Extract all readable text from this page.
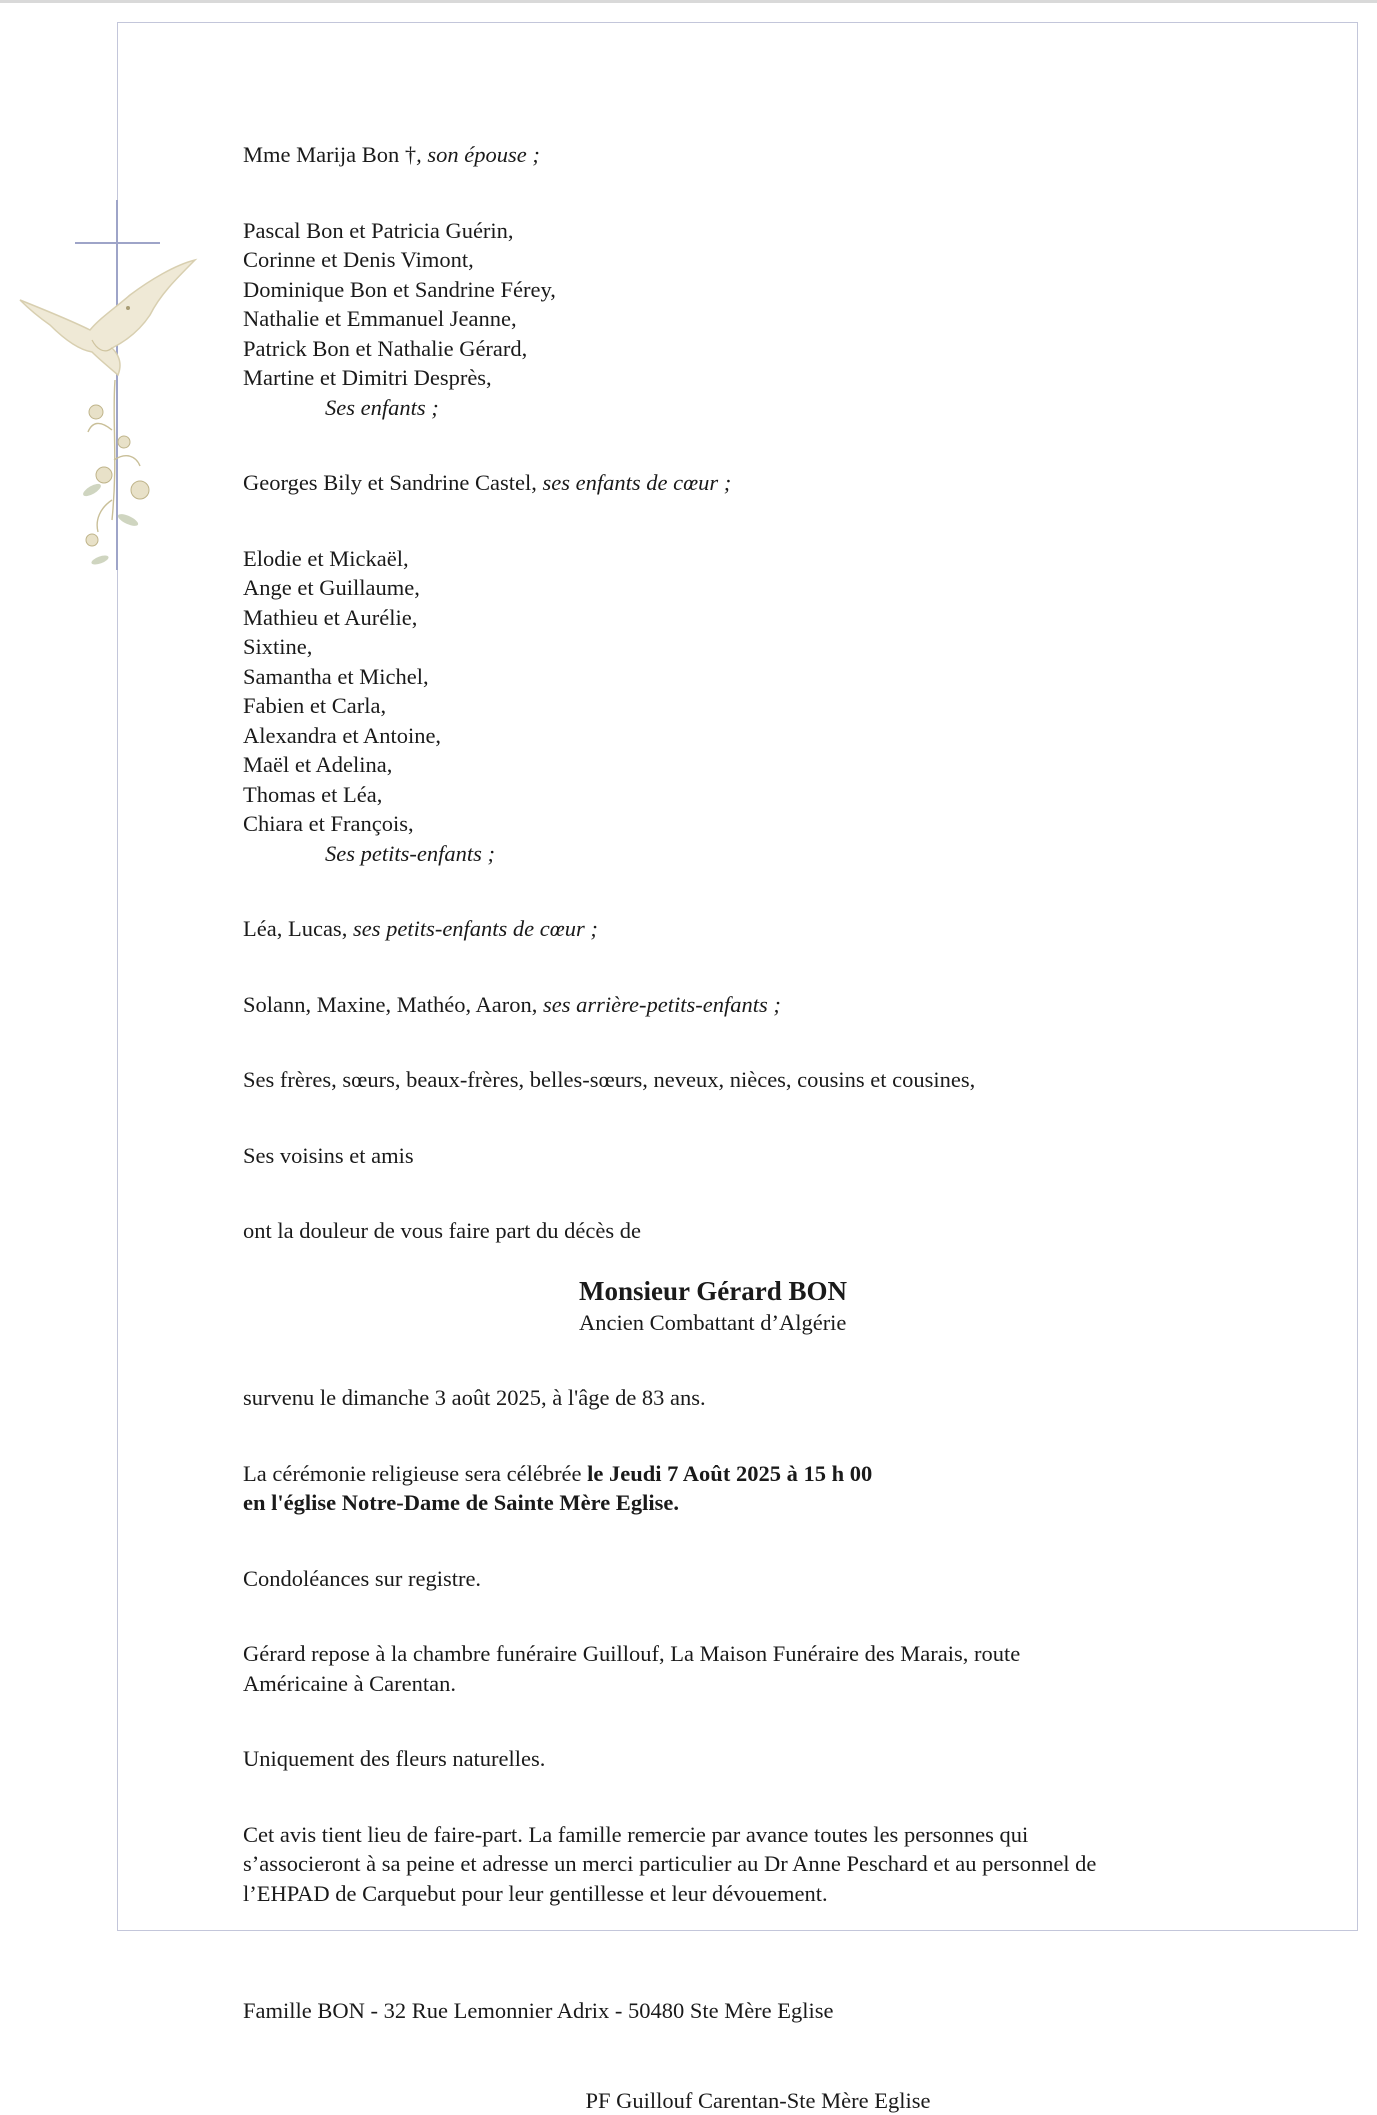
Mme Marija Bon †, son épouse ;

Pascal Bon et Patricia Guérin,

Corinne et Denis Vimont,

Dominique Bon et Sandrine Férey,

Nathalie et Emmanuel Jeanne,

Patrick Bon et Nathalie Gérard,

Martine et Dimitri Desprès,

Ses enfants ;

Georges Bily et Sandrine Castel, ses enfants de cœur ;

Elodie et Mickaël,

Ange et Guillaume,

Mathieu et Aurélie,

Sixtine,

Samantha et Michel,

Fabien et Carla,

Alexandra et Antoine,

Maël et Adelina,

Thomas et Léa,

Chiara et François,

Ses petits-enfants ;

Léa, Lucas, ses petits-enfants de cœur ;

Solann, Maxine, Mathéo, Aaron, ses arrière-petits-enfants ;

Ses frères, sœurs, beaux-frères, belles-sœurs, neveux, nièces, cousins et cousines,

Ses voisins et amis

ont la douleur de vous faire part du décès de

Monsieur Gérard BON

Ancien Combattant d’Algérie

survenu le dimanche 3 août 2025, à l'âge de 83 ans.

La cérémonie religieuse sera célébrée le Jeudi 7 Août 2025 à 15 h 00

en l'église Notre-Dame de Sainte Mère Eglise.

Condoléances sur registre.

Gérard repose à la chambre funéraire Guillouf, La Maison Funéraire des Marais, route

Américaine à Carentan.

Uniquement des fleurs naturelles.

Cet avis tient lieu de faire-part. La famille remercie par avance toutes les personnes qui

s’associeront à sa peine et adresse un merci particulier au Dr Anne Peschard et au personnel de

l’EHPAD de Carquebut pour leur gentillesse et leur dévouement.

Famille BON - 32 Rue Lemonnier Adrix - 50480 Ste Mère Eglise

PF Guillouf Carentan-Ste Mère Eglise
